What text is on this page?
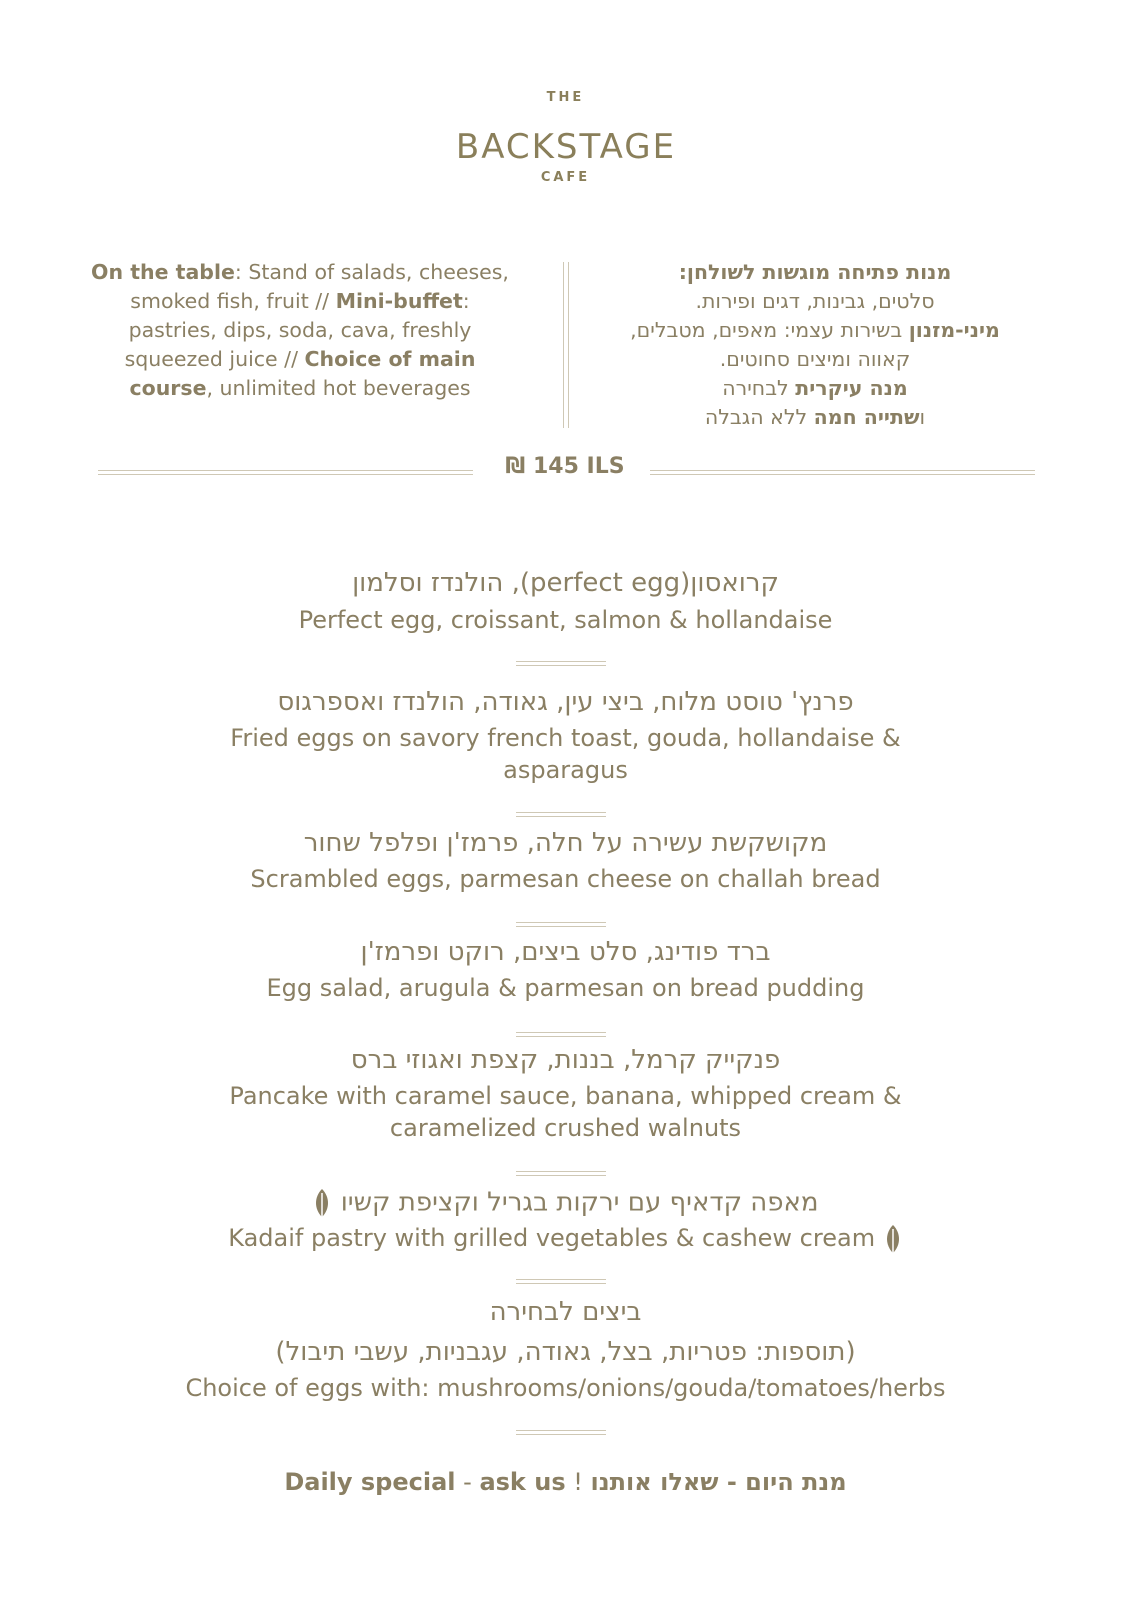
THE
BACKSTAGE
CAFE
On the table: Stand of salads, cheeses, smoked fish, fruit // Mini-buffet: pastries, dips, soda, cava, freshly squeezed juice // Choice of main course, unlimited hot beverages
מנות פתיחה מוגשות לשולחן:
סלטים, גבינות, דגים ופירות.
מיני-מזנון בשירות עצמי: מאפים, מטבלים, קאווה ומיצים סחוטים.
מנה עיקרית לבחירה
ושתייה חמה ללא הגבלה
₪ 145 ILS
קרואסון(perfect egg), הולנדז וסלמון
Perfect egg, croissant, salmon & hollandaise
פרנץ' טוסט מלוח, ביצי עין, גאודה, הולנדז ואספרגוס
Fried eggs on savory french toast, gouda, hollandaise & asparagus
מקושקשת עשירה על חלה, פרמז'ן ופלפל שחור
Scrambled eggs, parmesan cheese on challah bread
ברד פודינג, סלט ביצים, רוקט ופרמז'ן
Egg salad, arugula & parmesan on bread pudding
פנקייק קרמל, בננות, קצפת ואגוזי ברס
Pancake with caramel sauce, banana, whipped cream & caramelized crushed walnuts
מאפה קדאיף עם ירקות בגריל וקציפת קשיו
Kadaif pastry with grilled vegetables & cashew cream
ביצים לבחירה
(תוספות: פטריות, בצל, גאודה, עגבניות, עשבי תיבול)
Choice of eggs with: mushrooms/onions/gouda/tomatoes/herbs
Daily special - ask us ! מנת היום - שאלו אותנו
